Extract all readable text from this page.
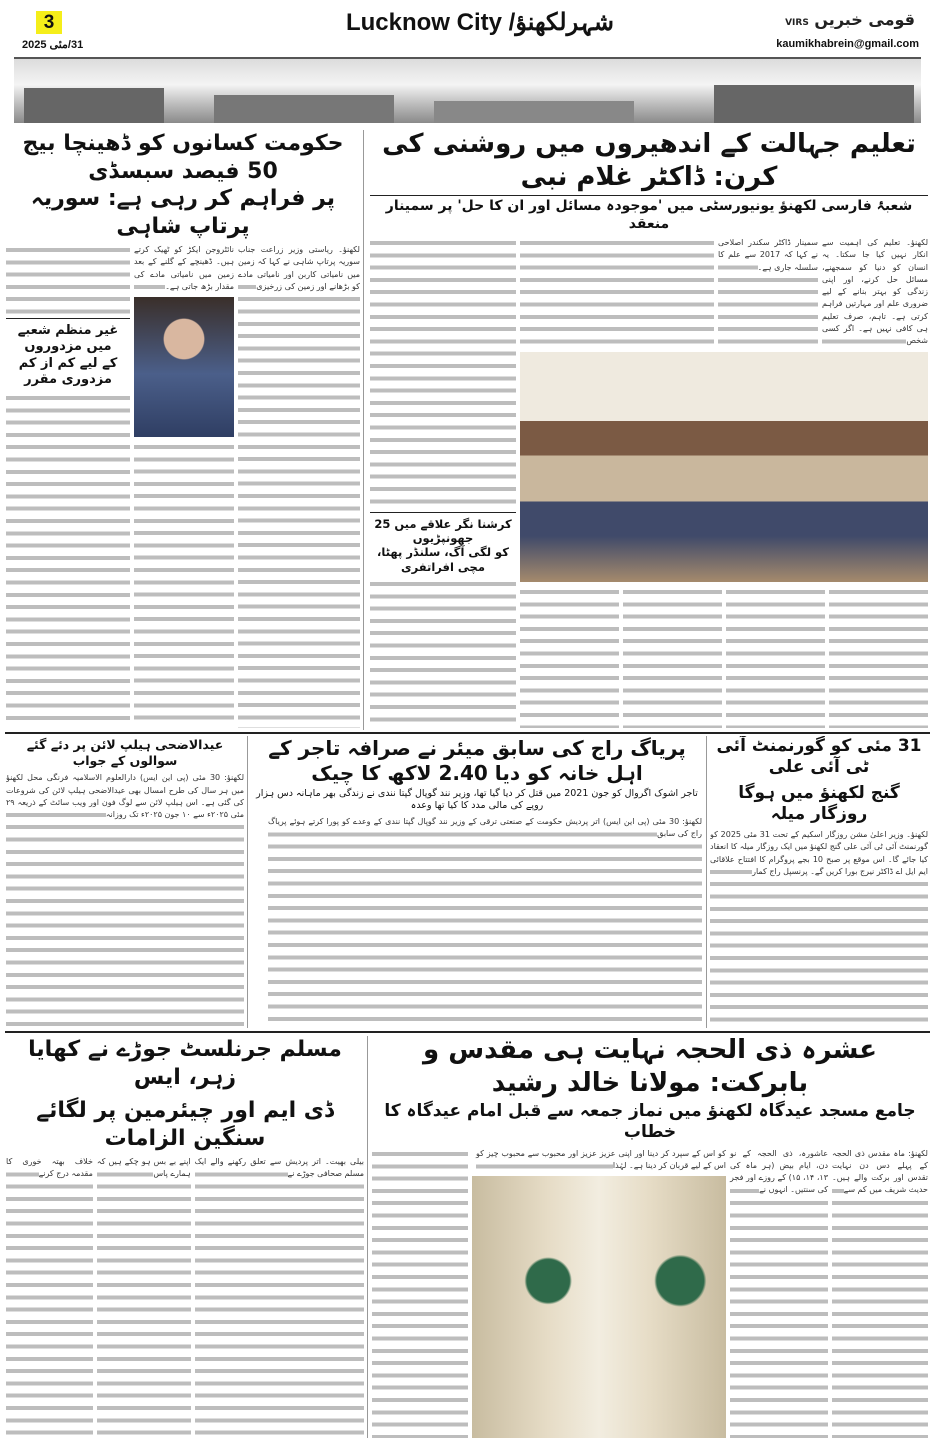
3
31/مئی 2025
Lucknow City /شہرلکھنؤ	قومی خبریں VIRS
kaumikhabrein@gmail.com
حکومت کسانوں کو ڈھینچا بیج 50 فیصد سبسڈی
پر فراہم کر رہی ہے: سوریہ پرتاپ شاہی
لکھنؤ۔ ریاستی وزیر زراعت جناب سوریہ پرتاپ شاہی نے کہا کہ زمین میں نامیاتی کاربن اور نامیاتی مادے کو بڑھانے اور زمین کی زرخیزی
نائٹروجن ایکڑ کو ٹھیک کرتے ہیں۔ ڈھینچے کے گلنے کے بعد زمین میں نامیاتی مادے کی مقدار بڑھ جاتی ہے۔
غیر منظم شعبے میں مزدوروں
کے لیے کم از کم مزدوری مقرر
تعلیم جہالت کے اندھیروں میں روشنی کی کرن: ڈاکٹر غلام نبی
شعبۂ فارسی لکھنؤ یونیورسٹی میں 'موجودہ مسائل اور ان کا حل' پر سمینار منعقد
لکھنؤ۔ تعلیم کی اہمیت سے انکار نہیں کیا جا سکتا۔ یہ انسان کو دنیا کو سمجھنے، مسائل حل کرنے، اور اپنی زندگی کو بہتر بنانے کے لیے ضروری علم اور مہارتیں فراہم کرتی ہے۔ تاہم، صرف تعلیم ہی کافی نہیں ہے۔ اگر کسی شخص
سمینار ڈاکٹر سکندر اصلاحی نے کہا کہ 2017 سے علم کا سلسلہ جاری ہے۔
کرشنا نگر علاقے میں 25 جھونپڑیوں
کو لگی آگ، سلنڈر پھٹا، مچی افراتفری
عیدالاضحی ہیلپ لائن پر دئے گئے سوالوں کے جواب
لکھنؤ: 30 مئی (پی این ایس) دارالعلوم الاسلامیہ فرنگی محل لکھنؤ میں ہر سال کی طرح امسال بھی عیدالاضحی ہیلپ لائن کی شروعات کی گئی ہے۔ اس ہیلپ لائن سے لوگ فون اور ویب سائٹ کے ذریعہ ۲۹ مئی ۲۰۲۵ء سے ۱۰ جون ۲۰۲۵ء تک روزانہ
پریاگ راج کی سابق میئر نے صرافہ تاجر کے اہل خانہ کو دیا 2.40 لاکھ کا چیک
تاجر اشوک اگروال کو جون 2021 میں قتل کر دیا گیا تھا، وزیر نند گوپال گپتا نندی نے زندگی بھر ماہانہ دس ہزار روپے کی مالی مدد کا کیا تھا وعدہ
لکھنؤ: 30 مئی (پی این ایس) اتر پردیش حکومت کے صنعتی ترقی کے وزیر نند گوپال گپتا نندی کے وعدے کو پورا کرتے ہوئے پریاگ راج کی سابق
31 مئی کو گورنمنٹ آئی ٹی آئی علی
گنج لکھنؤ میں ہوگا روزگار میلہ
لکھنؤ۔ وزیر اعلیٰ مشن روزگار اسکیم کے تحت 31 مئی 2025 کو گورنمنٹ آئی ٹی آئی علی گنج لکھنؤ میں ایک روزگار میلہ کا انعقاد کیا جائے گا۔ اس موقع پر صبح 10 بجے پروگرام کا افتتاح علاقائی ایم ایل اے ڈاکٹر نیرج بورا کریں گے۔ پرنسپل راج کمار
مسلم جرنلسٹ جوڑے نے کھایا زہر، ایس
ڈی ایم اور چیئرمین پر لگائے سنگین الزامات
بیلی بھیت۔ اتر پردیش سے تعلق رکھنے والے ایک مسلم صحافی جوڑے نے
اپنے بے بس ہو چکے ہیں کہ ہمارے پاس
خلاف بھتہ خوری کا مقدمہ درج کرنے
عشرہ ذی الحجہ نہایت ہی مقدس و بابرکت: مولانا خالد رشید
جامع مسجد عیدگاہ لکھنؤ میں نماز جمعہ سے قبل امام عیدگاہ کا خطاب
لکھنؤ: ماہ مقدس ذی الحجہ کے پہلے دس دن نہایت تقدس اور برکت والے ہیں۔ حدیث شریف میں کم سے
عاشورہ، ذی الحجہ کے نو دن، ایام بیض (ہر ماہ کی ۱۳، ۱۴، ۱۵) کے روزے اور فجر کی سنتیں۔ انہوں نے
کو اس کے سپرد کر دینا اور اپنی عزیز عزیز اور محبوب سے محبوب چیز کو اس کے لیے قربان کر دینا ہے۔ لہٰذا
